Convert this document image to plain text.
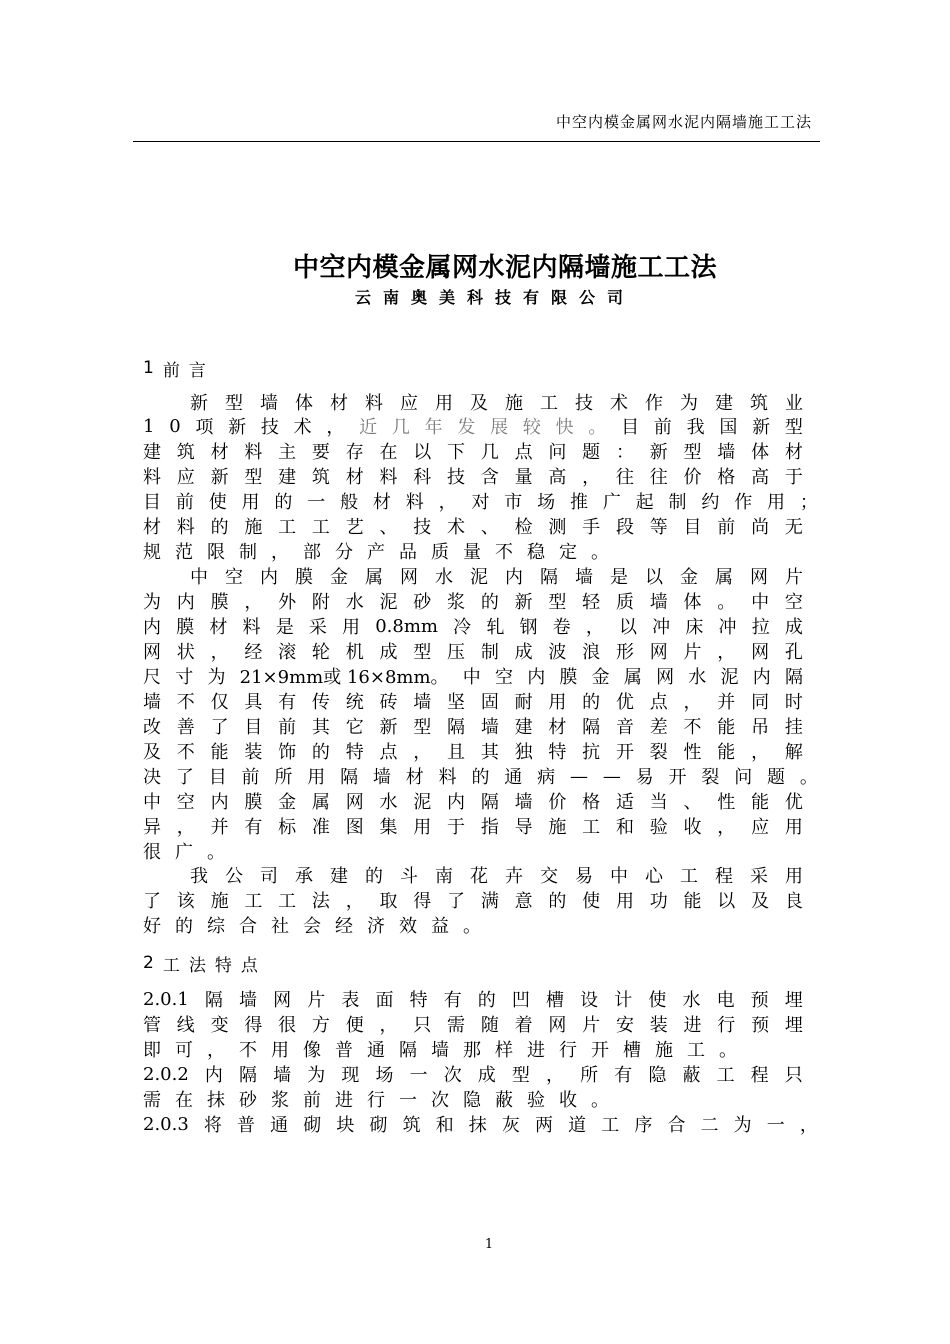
中空内模金属网水泥内隔墙施工工法
中空内模金属网水泥内隔墙施工工法
云南奥美科技有限公司
1 前 言
新 型 墙 体 材 料 应 用 及 施 工 技 术 作 为 建 筑 业
1 0 项 新 技 术 ， 近 几 年 发 展 较 快 。 目 前 我 国 新 型
建 筑 材 料 主 要 存 在 以 下 几 点 问 题 ： 新 型 墙 体 材
料 应 新 型 建 筑 材 料 科 技 含 量 高 ， 往 往 价 格 高 于
目 前 使 用 的 一 般 材 料 ， 对 市 场 推 广 起 制 约 作 用 ；
材 料 的 施 工 工 艺 、 技 术 、 检 测 手 段 等 目 前 尚 无
规 范 限 制 ， 部 分 产 品 质 量 不 稳 定 。
中 空 内 膜 金 属 网 水 泥 内 隔 墙 是 以 金 属 网 片
为 内 膜 ， 外 附 水 泥 砂 浆 的 新 型 轻 质 墙 体 。 中 空
内 膜 材 料 是 采 用 0.8mm 冷 轧 钢 卷 ， 以 冲 床 冲 拉 成
网 状 ， 经 滚 轮 机 成 型 压 制 成 波 浪 形 网 片 ， 网 孔
尺 寸 为 21×9mm或 16×8mm。 中 空 内 膜 金 属 网 水 泥 内 隔
墙 不 仅 具 有 传 统 砖 墙 坚 固 耐 用 的 优 点 ， 并 同 时
改 善 了 目 前 其 它 新 型 隔 墙 建 材 隔 音 差 不 能 吊 挂
及 不 能 装 饰 的 特 点 ， 且 其 独 特 抗 开 裂 性 能 ， 解
决 了 目 前 所 用 隔 墙 材 料 的 通 病 — — 易 开 裂 问 题 。
中 空 内 膜 金 属 网 水 泥 内 隔 墙 价 格 适 当 、 性 能 优
异 ， 并 有 标 准 图 集 用 于 指 导 施 工 和 验 收 ， 应 用
很 广 。
我 公 司 承 建 的 斗 南 花 卉 交 易 中 心 工 程 采 用
了 该 施 工 工 法 ， 取 得 了 满 意 的 使 用 功 能 以 及 良
好 的 综 合 社 会 经 济 效 益 。
2 工 法 特 点
2.0.1 隔 墙 网 片 表 面 特 有 的 凹 槽 设 计 使 水 电 预 埋
管 线 变 得 很 方 便 ， 只 需 随 着 网 片 安 装 进 行 预 埋
即 可 ， 不 用 像 普 通 隔 墙 那 样 进 行 开 槽 施 工 。
2.0.2 内 隔 墙 为 现 场 一 次 成 型 ， 所 有 隐 蔽 工 程 只
需 在 抹 砂 浆 前 进 行 一 次 隐 蔽 验 收 。
2.0.3 将 普 通 砌 块 砌 筑 和 抹 灰 两 道 工 序 合 二 为 一 ，
1
